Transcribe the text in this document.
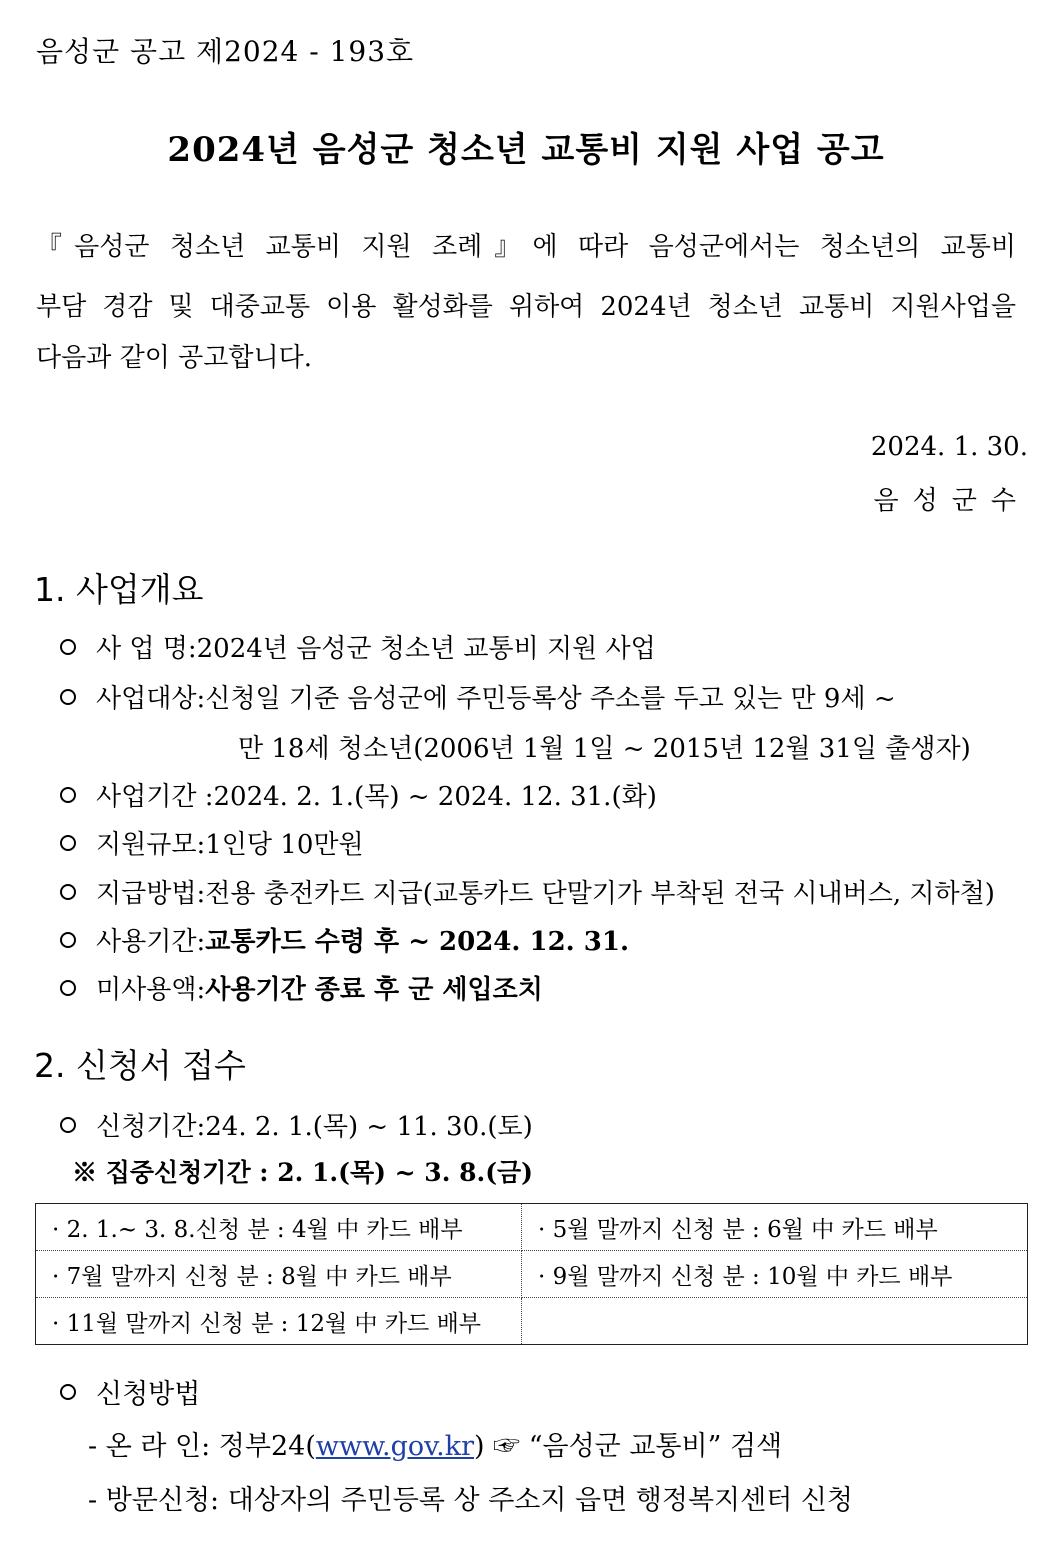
음성군 공고 제2024 - 193호
2024년 음성군 청소년 교통비 지원 사업 공고
『음성군 청소년 교통비 지원 조례』에 따라 음성군에서는 청소년의 교통비
부담 경감 및 대중교통 이용 활성화를 위하여 2024년 청소년 교통비 지원사업을
다음과 같이 공고합니다.
2024. 1. 30.
음성군수
1. 사업개요
사 업 명: 2024년 음성군 청소년 교통비 지원 사업
사업대상: 신청일 기준 음성군에 주민등록상 주소를 두고 있는 만 9세 ~
만 18세 청소년(2006년 1월 1일 ~ 2015년 12월 31일 출생자)
사업기간 : 2024. 2. 1.(목) ~ 2024. 12. 31.(화)
지원규모: 1인당 10만원
지급방법: 전용 충전카드 지급(교통카드 단말기가 부착된 전국 시내버스, 지하철)
사용기간: 교통카드 수령 후 ~ 2024. 12. 31.
미사용액: 사용기간 종료 후 군 세입조치
2. 신청서 접수
신청기간: 24. 2. 1.(목) ~ 11. 30.(토)
※ 집중신청기간 : 2. 1.(목) ~ 3. 8.(금)
· 2. 1.~ 3. 8.신청 분 : 4월 中 카드 배부	· 5월 말까지 신청 분 : 6월 中 카드 배부
· 7월 말까지 신청 분 : 8월 中 카드 배부	· 9월 말까지 신청 분 : 10월 中 카드 배부
· 11월 말까지 신청 분 : 12월 中 카드 배부	
신청방법
- 온 라 인: 정부24(www.gov.kr) ☞ “음성군 교통비” 검색
- 방문신청: 대상자의 주민등록 상 주소지 읍면 행정복지센터 신청
